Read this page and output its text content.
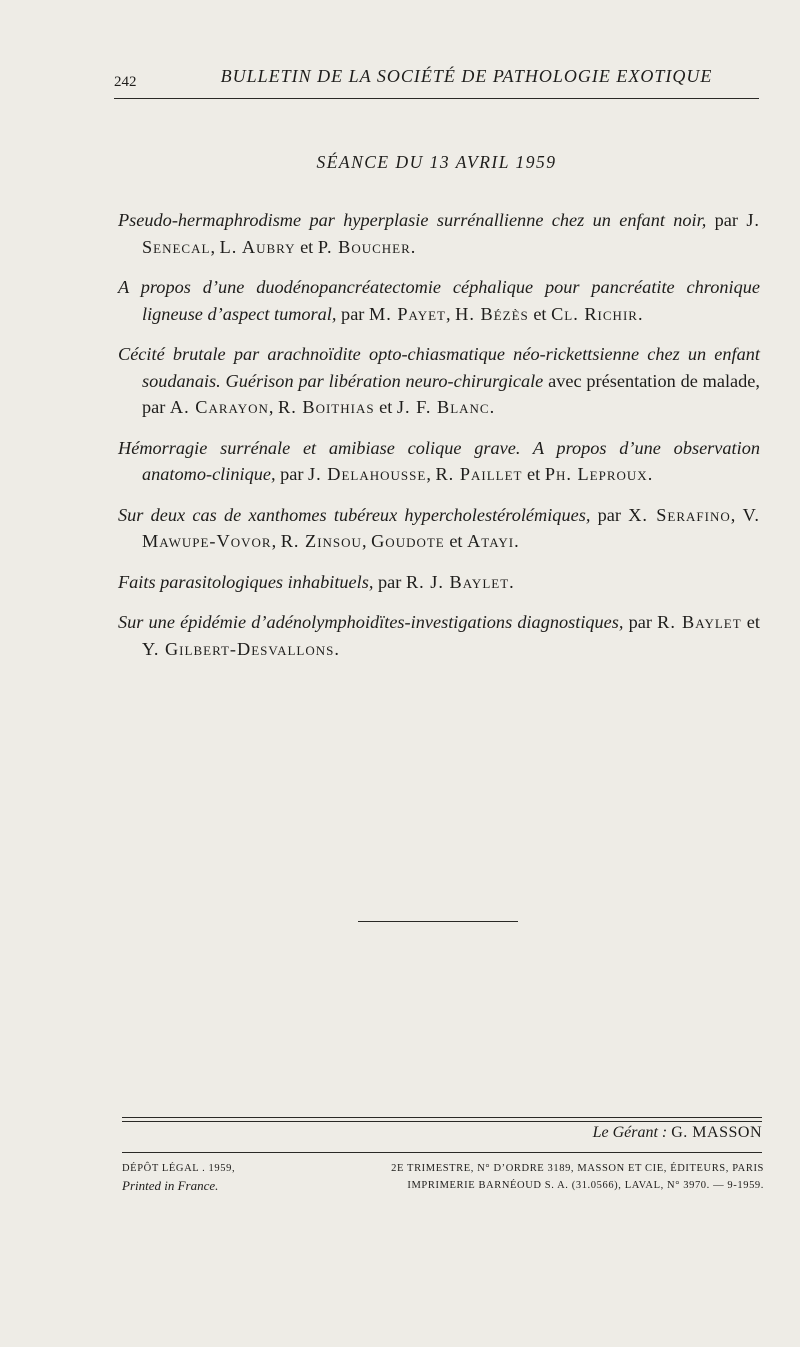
242	BULLETIN DE LA SOCIÉTÉ DE PATHOLOGIE EXOTIQUE
SÉANCE DU 13 AVRIL 1959

Pseudo-hermaphrodisme par hyperplasie surrénallienne chez un enfant noir, par J. Senecal, L. Aubry et P. Boucher.

A propos d’une duodénopancréatectomie céphalique pour pancréatite chronique ligneuse d’aspect tumoral, par M. Payet, H. Bézès et Cl. Richir.

Cécité brutale par arachnoïdite opto-chiasmatique néo-rickettsienne chez un enfant soudanais. Guérison par libération neuro-chirurgicale avec présentation de malade, par A. Carayon, R. Boithias et J. F. Blanc.

Hémorragie surrénale et amibiase colique grave. A propos d’une observation anatomo-clinique, par J. Delahousse, R. Paillet et Ph. Leproux.

Sur deux cas de xanthomes tubéreux hypercholestérolémiques, par X. Serafino, V. Mawupe-Vovor, R. Zinsou, Goudote et Atayi.

Faits parasitologiques inhabituels, par R. J. Baylet.

Sur une épidémie d’adénolymphoidïtes-investigations diagnostiques, par R. Baylet et Y. Gilbert-Desvallons.

Le Gérant : G. MASSON
DÉPÔT LÉGAL . 1959,	2E TRIMESTRE, N° D’ORDRE 3189, MASSON ET CIE, ÉDITEURS, PARIS
Printed in France.	IMPRIMERIE BARNÉOUD S. A. (31.0566), LAVAL, N° 3970. — 9-1959.
